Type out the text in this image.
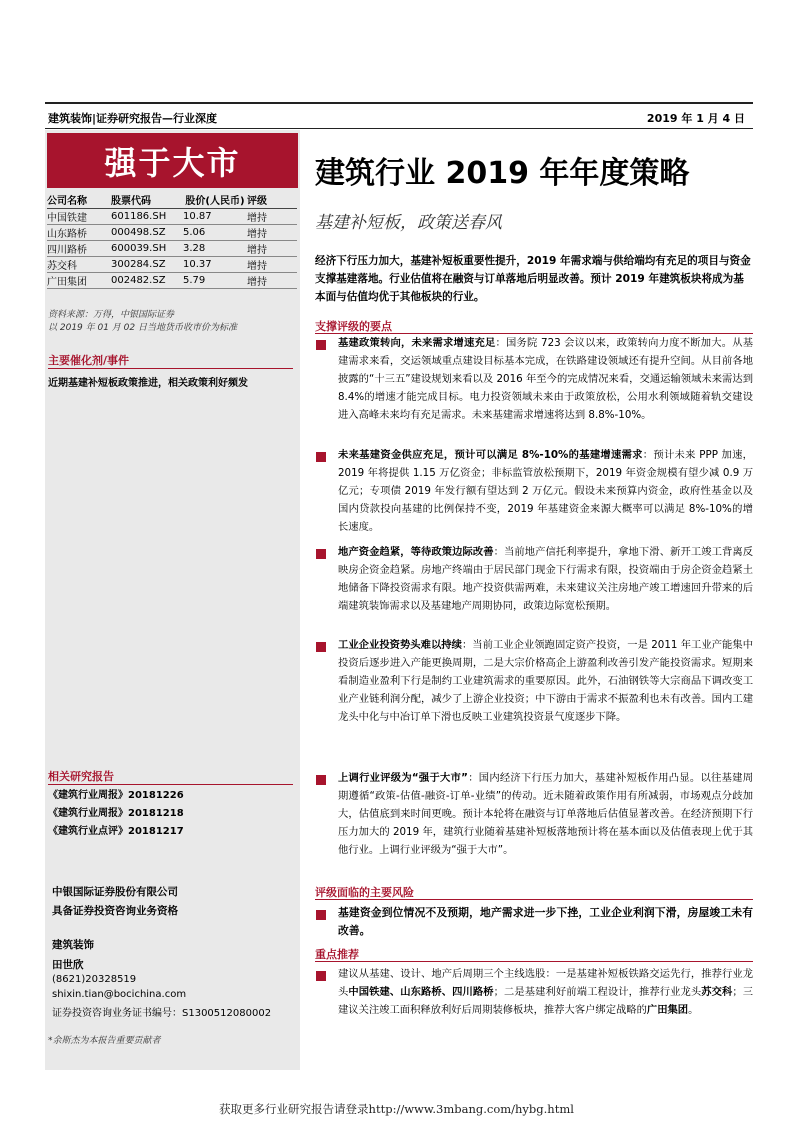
建筑装饰|证券研究报告—行业深度	2019 年 1 月 4 日
强于大市	建筑行业 2019 年年度策略
基建补短板，政策送春风
公司名称	股票代码	股价(人民币)	评级
中国铁建	601186.SH	10.87	增持
山东路桥	000498.SZ	5.06	增持
四川路桥	600039.SH	3.28	增持
苏交科	300284.SZ	10.37	增持
广田集团	002482.SZ	5.79	增持
资料来源：万得，中银国际证券
以 2019 年 01 月 02 日当地货币收市价为标准
主要催化剂/事件
近期基建补短板政策推进，相关政策利好频发
相关研究报告
《建筑行业周报》20181226
《建筑行业周报》20181218
《建筑行业点评》20181217
中银国际证券股份有限公司
具备证券投资咨询业务资格
建筑装饰
田世欣
(8621)20328519
shixin.tian@bocichina.com
证券投资咨询业务证书编号：S1300512080002
*余斯杰为本报告重要贡献者
经济下行压力加大，基建补短板重要性提升，2019 年需求端与供给端均有充足的项目与资金支撑基建落地。行业估值将在融资与订单落地后明显改善。预计 2019 年建筑板块将成为基本面与估值均优于其他板块的行业。
支撑评级的要点
基建政策转向，未来需求增速充足：国务院 723 会议以来，政策转向力度不断加大。从基建需求来看，交运领域重点建设目标基本完成，在铁路建设领域还有提升空间。从目前各地披露的“十三五”建设规划来看以及 2016 年至今的完成情况来看，交通运输领域未来需达到 8.4%的增速才能完成目标。电力投资领域未来由于政策放松，公用水利领域随着轨交建设进入高峰未来均有充足需求。未来基建需求增速将达到 8.8%-10%。
未来基建资金供应充足，预计可以满足 8%-10%的基建增速需求：预计未来 PPP 加速，2019 年将提供 1.15 万亿资金；非标监管放松预期下，2019 年资金规模有望少减 0.9 万亿元；专项债 2019 年发行额有望达到 2 万亿元。假设未来预算内资金，政府性基金以及国内贷款投向基建的比例保持不变，2019 年基建资金来源大概率可以满足 8%-10%的增长速度。
地产资金趋紧，等待政策边际改善：当前地产信托利率提升，拿地下滑、新开工竣工背离反映房企资金趋紧。房地产终端由于居民部门现金下行需求有限，投资端由于房企资金趋紧土地储备下降投资需求有限。地产投资供需两难，未来建议关注房地产竣工增速回升带来的后端建筑装饰需求以及基建地产周期协同，政策边际宽松预期。
工业企业投资势头难以持续：当前工业企业领跑固定资产投资，一是 2011 年工业产能集中投资后逐步进入产能更换周期，二是大宗价格高企上游盈利改善引发产能投资需求。短期来看制造业盈利下行是制约工业建筑需求的重要原因。此外，石油钢铁等大宗商品下调改变工业产业链利润分配，减少了上游企业投资；中下游由于需求不振盈利也未有改善。国内工建龙头中化与中冶订单下滑也反映工业建筑投资景气度逐步下降。
上调行业评级为“强于大市”：国内经济下行压力加大，基建补短板作用凸显。以往基建周期遵循“政策-估值-融资-订单-业绩”的传动。近未随着政策作用有所减弱，市场观点分歧加大，估值底到来时间更晚。预计本轮将在融资与订单落地后估值显著改善。在经济预期下行压力加大的 2019 年，建筑行业随着基建补短板落地预计将在基本面以及估值表现上优于其他行业。上调行业评级为“强于大市”。
评级面临的主要风险
基建资金到位情况不及预期，地产需求进一步下挫，工业企业利润下滑，房屋竣工未有改善。
重点推荐
建议从基建、设计、地产后周期三个主线选股：一是基建补短板铁路交运先行，推荐行业龙头中国铁建、山东路桥、四川路桥；二是基建利好前端工程设计，推荐行业龙头苏交科；三建议关注竣工面积释放利好后周期装修板块，推荐大客户绑定战略的广田集团。
获取更多行业研究报告请登录http://www.3mbang.com/hybg.html
